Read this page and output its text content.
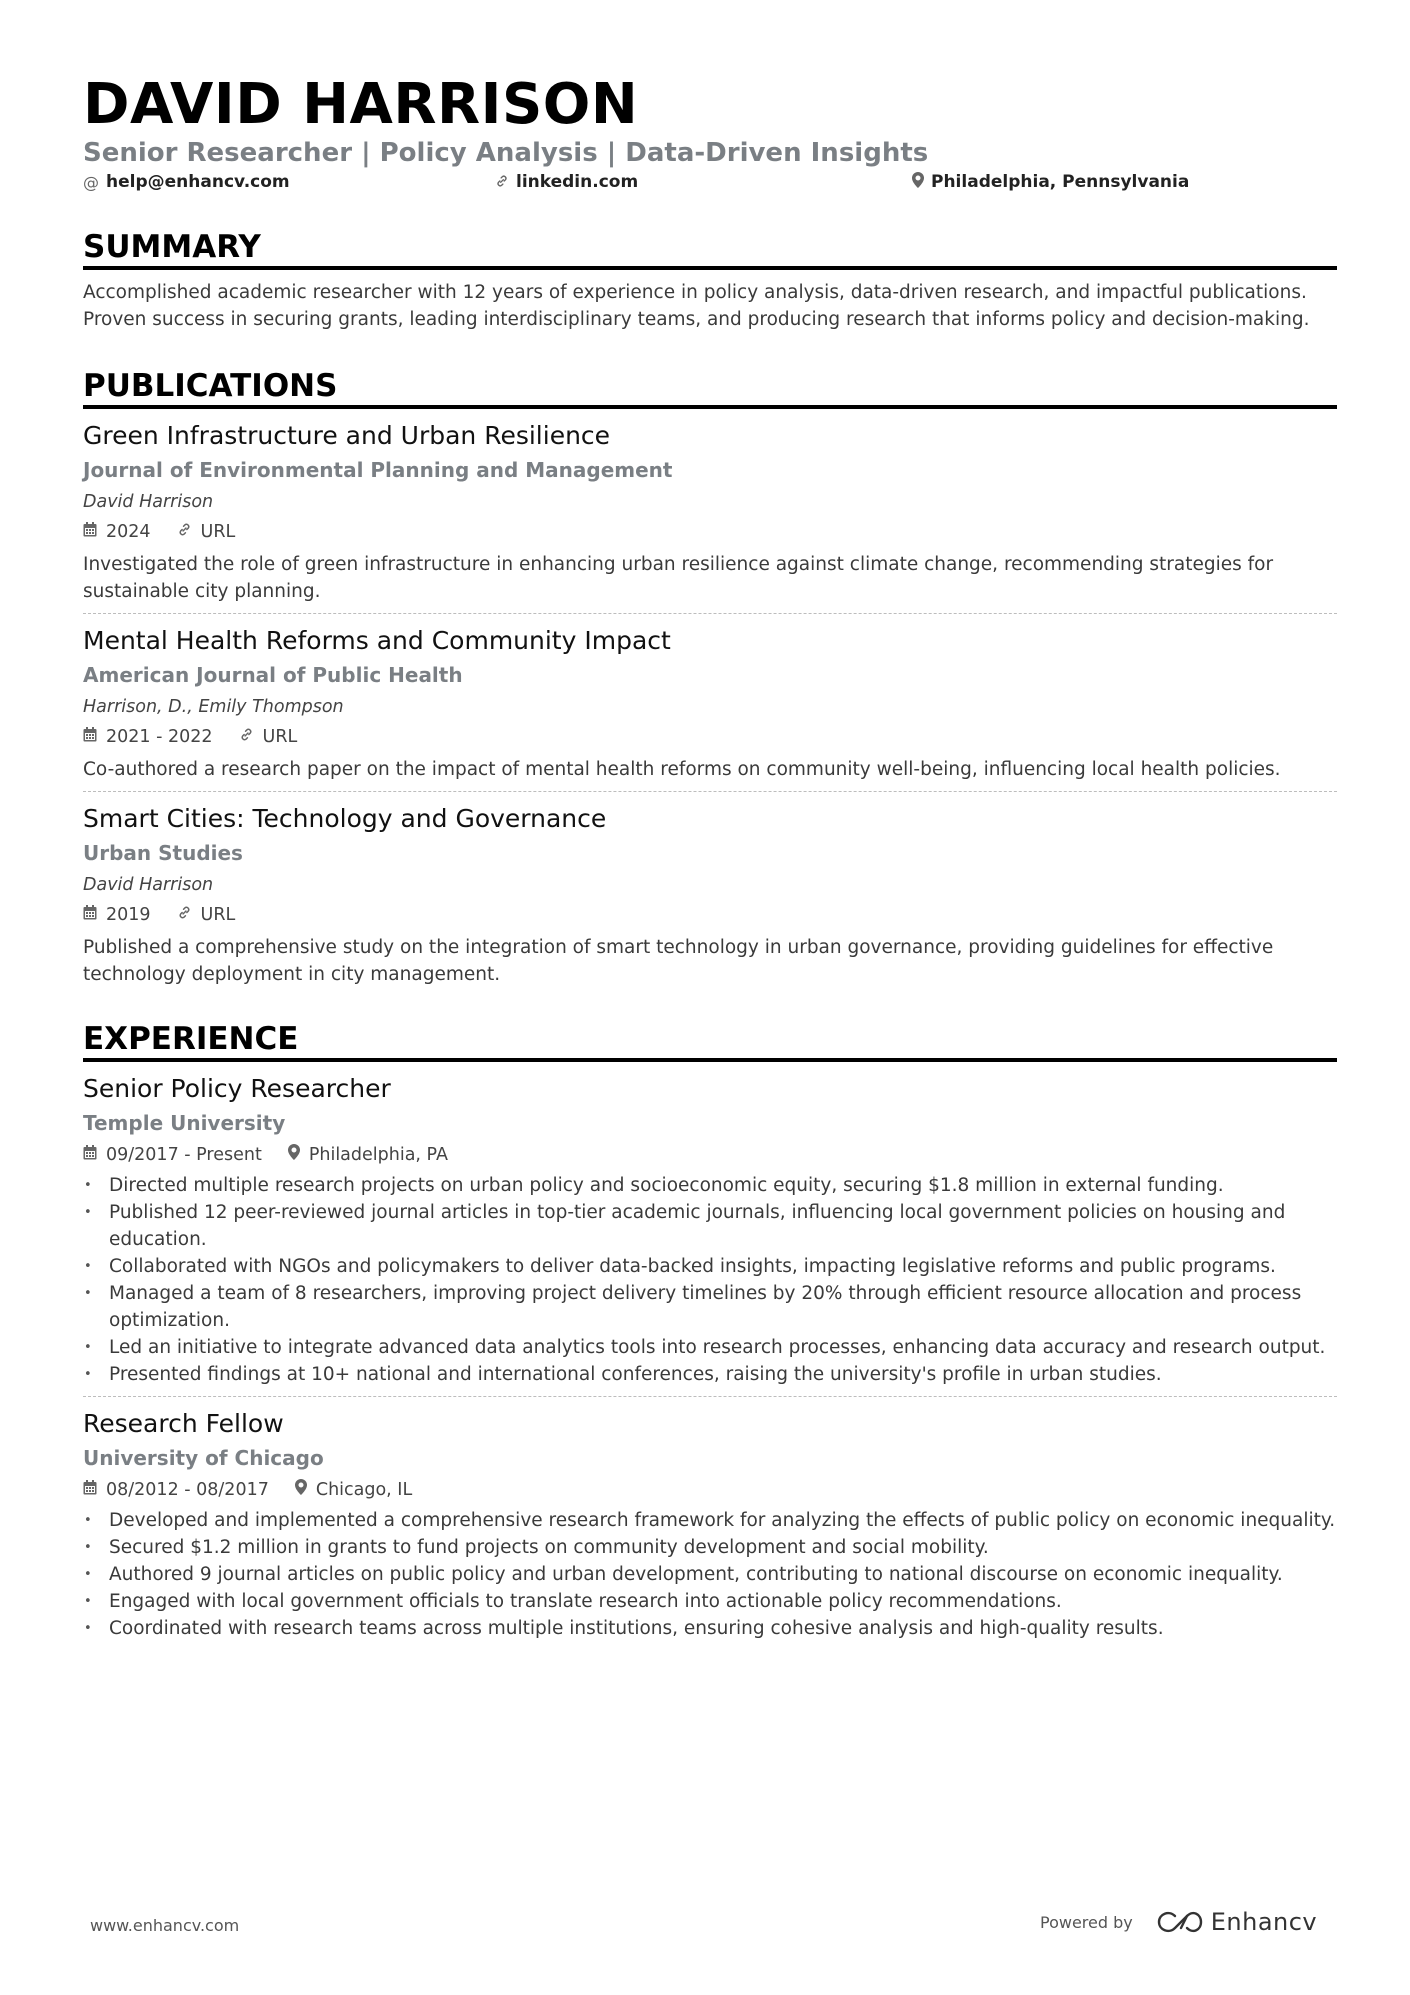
DAVID HARRISON
Senior Researcher | Policy Analysis | Data-Driven Insights
@ help@enhancv.com	linkedin.com	Philadelphia, Pennsylvania
SUMMARY
Accomplished academic researcher with 12 years of experience in policy analysis, data-driven research, and impactful publications. Proven success in securing grants, leading interdisciplinary teams, and producing research that informs policy and decision-making.
PUBLICATIONS
Green Infrastructure and Urban Resilience
Journal of Environmental Planning and Management
David Harrison
2024	URL
Investigated the role of green infrastructure in enhancing urban resilience against climate change, recommending strategies for sustainable city planning.
Mental Health Reforms and Community Impact
American Journal of Public Health
Harrison, D., Emily Thompson
2021 - 2022	URL
Co-authored a research paper on the impact of mental health reforms on community well-being, influencing local health policies.
Smart Cities: Technology and Governance
Urban Studies
David Harrison
2019	URL
Published a comprehensive study on the integration of smart technology in urban governance, providing guidelines for effective technology deployment in city management.
EXPERIENCE
Senior Policy Researcher
Temple University
09/2017 - Present	Philadelphia, PA
• Directed multiple research projects on urban policy and socioeconomic equity, securing $1.8 million in external funding.
• Published 12 peer-reviewed journal articles in top-tier academic journals, influencing local government policies on housing and education.
• Collaborated with NGOs and policymakers to deliver data-backed insights, impacting legislative reforms and public programs.
• Managed a team of 8 researchers, improving project delivery timelines by 20% through efficient resource allocation and process optimization.
• Led an initiative to integrate advanced data analytics tools into research processes, enhancing data accuracy and research output.
• Presented findings at 10+ national and international conferences, raising the university's profile in urban studies.
Research Fellow
University of Chicago
08/2012 - 08/2017	Chicago, IL
• Developed and implemented a comprehensive research framework for analyzing the effects of public policy on economic inequality.
• Secured $1.2 million in grants to fund projects on community development and social mobility.
• Authored 9 journal articles on public policy and urban development, contributing to national discourse on economic inequality.
• Engaged with local government officials to translate research into actionable policy recommendations.
• Coordinated with research teams across multiple institutions, ensuring cohesive analysis and high-quality results.
www.enhancv.com	Powered by	Enhancv
